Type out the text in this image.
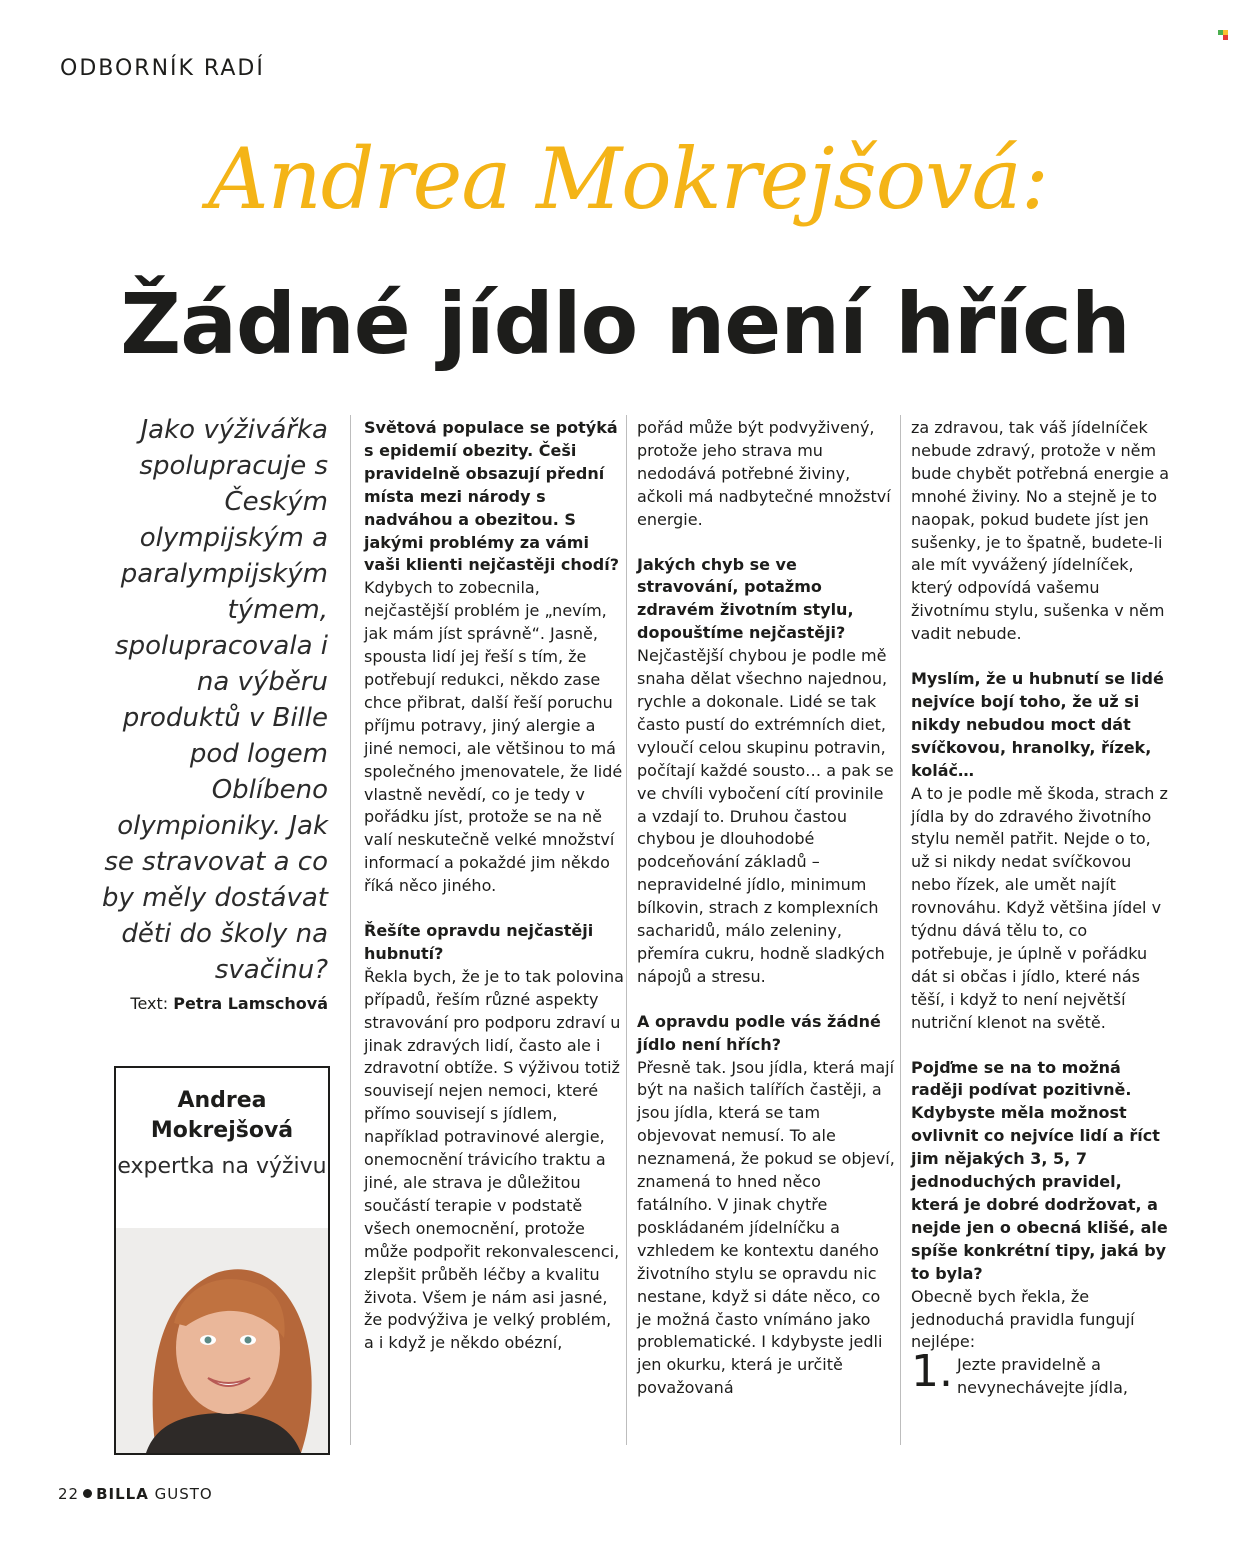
ODBORNÍK RADÍ
Andrea Mokrejšová:
Žádné jídlo není hřích
Jako výživářka spolupracuje s Českým olympijským a paralympijským týmem, spolupracovala i na výběru produktů v Bille pod logem Oblíbeno olympioniky. Jak se stravovat a co by měly dostávat děti do školy na svačinu?
Text: Petra Lamschová
Andrea Mokrejšová
expertka na výživu

Světová populace se potýká s epidemií obezity. Češi pravidelně obsazují přední místa mezi národy s nadváhou a obezitou. S jakými problémy za vámi vaši klienti nejčastěji chodí?

Kdybych to zobecnila, nejčastější problém je „nevím, jak mám jíst správně“. Jasně, spousta lidí jej řeší s tím, že potřebují redukci, někdo zase chce přibrat, další řeší poruchu příjmu potravy, jiný alergie a jiné nemoci, ale většinou to má společného jmenovatele, že lidé vlastně nevědí, co je tedy v pořádku jíst, protože se na ně valí neskutečně velké množství informací a pokaždé jim někdo říká něco jiného.

Řešíte opravdu nejčastěji hubnutí?

Řekla bych, že je to tak polovina případů, řeším různé aspekty stravování pro podporu zdraví u jinak zdravých lidí, často ale i zdravotní obtíže. S výživou totiž souvisejí nejen nemoci, které přímo souvisejí s jídlem, například potravinové alergie, onemocnění trávicího traktu a jiné, ale strava je důležitou součástí terapie v podstatě všech onemocnění, protože může podpořit rekonvalescenci, zlepšit průběh léčby a kvalitu života. Všem je nám asi jasné, že podvýživa je velký problém, a i když je někdo obézní,

pořád může být podvyživený, protože jeho strava mu nedodává potřebné živiny, ačkoli má nadbytečné množství energie.

Jakých chyb se ve stravování, potažmo zdravém životním stylu, dopouštíme nejčastěji?

Nejčastější chybou je podle mě snaha dělat všechno najednou, rychle a dokonale. Lidé se tak často pustí do extrémních diet, vyloučí celou skupinu potravin, počítají každé sousto… a pak se ve chvíli vybočení cítí provinile a vzdají to. Druhou častou chybou je dlouhodobé podceňování základů – nepravidelné jídlo, minimum bílkovin, strach z komplexních sacharidů, málo zeleniny, přemíra cukru, hodně sladkých nápojů a stresu.

A opravdu podle vás žádné jídlo není hřích?

Přesně tak. Jsou jídla, která mají být na našich talířích častěji, a jsou jídla, která se tam objevovat nemusí. To ale neznamená, že pokud se objeví, znamená to hned něco fatálního. V jinak chytře poskládaném jídelníčku a vzhledem ke kontextu daného životního stylu se opravdu nic nestane, když si dáte něco, co je možná často vnímáno jako problematické. I kdybyste jedli jen okurku, která je určitě považovaná

za zdravou, tak váš jídelníček nebude zdravý, protože v něm bude chybět potřebná energie a mnohé živiny. No a stejně je to naopak, pokud budete jíst jen sušenky, je to špatně, budete-li ale mít vyvážený jídelníček, který odpovídá vašemu životnímu stylu, sušenka v něm vadit nebude.

Myslím, že u hubnutí se lidé nejvíce bojí toho, že už si nikdy nebudou moct dát svíčkovou, hranolky, řízek, koláč…

A to je podle mě škoda, strach z jídla by do zdravého životního stylu neměl patřit. Nejde o to, už si nikdy nedat svíčkovou nebo řízek, ale umět najít rovnováhu. Když většina jídel v týdnu dává tělu to, co potřebuje, je úplně v pořádku dát si občas i jídlo, které nás těší, i když to není největší nutriční klenot na světě.

Pojďme se na to možná raději podívat pozitivně. Kdybyste měla možnost ovlivnit co nejvíce lidí a říct jim nějakých 3, 5, 7 jednoduchých pravidel, která je dobré dodržovat, a nejde jen o obecná klišé, ale spíše konkrétní tipy, jaká by to byla?

Obecně bych řekla, že jednoduchá pravidla fungují nejlépe:

1. Jezte pravidelně a nevynechávejte jídla,
22 BILLA GUSTO
